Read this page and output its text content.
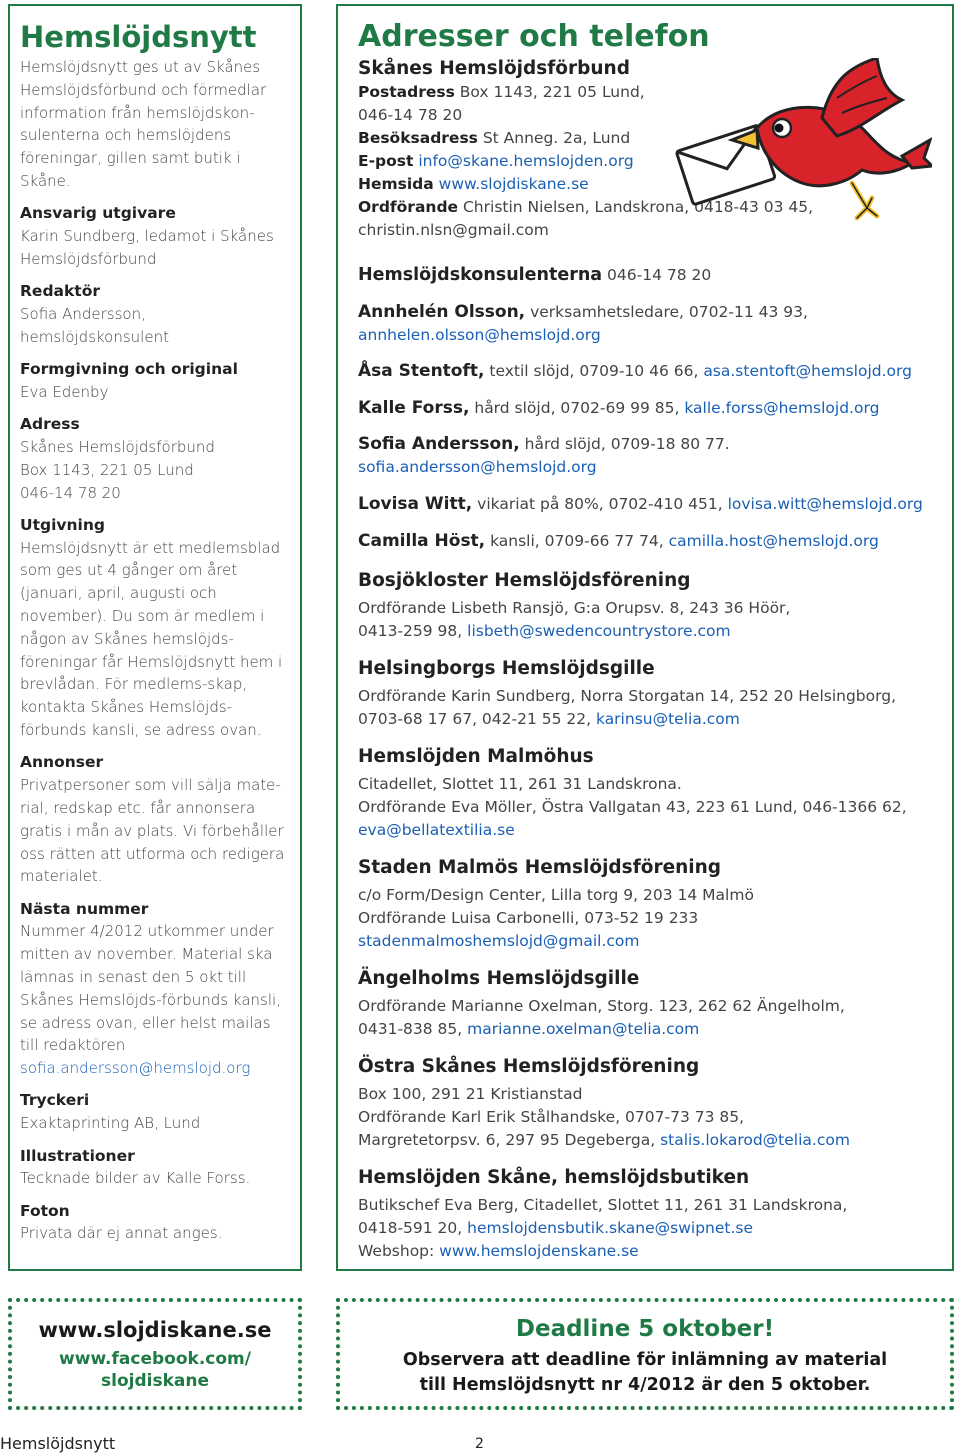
Hemslöjdsnytt
Hemslöjdsnytt ges ut av Skånes Hemslöjdsförbund och förmedlar information från hemslöjdskon-sulenterna och hemslöjdens föreningar, gillen samt butik i Skåne.
Ansvarig utgivare
Karin Sundberg, ledamot i Skånes Hemslöjdsförbund
Redaktör
Sofia Andersson, hemslöjdskonsulent
Formgivning och original
Eva Edenby
Adress
Skånes Hemslöjdsförbund
Box 1143, 221 05 Lund
046-14 78 20
Utgivning
Hemslöjdsnytt är ett medlemsblad som ges ut 4 gånger om året (januari, april, augusti och november). Du som är medlem i någon av Skånes hemslöjds-föreningar får Hemslöjdsnytt hem i brevlådan. För medlems-skap, kontakta Skånes Hemslöjds-förbunds kansli, se adress ovan.
Annonser
Privatpersoner som vill sälja mate-rial, redskap etc. får annonsera gratis i mån av plats. Vi förbehåller oss rätten att utforma och redigera materialet.
Nästa nummer
Nummer 4/2012 utkommer under mitten av november. Material ska lämnas in senast den 5 okt till Skånes Hemslöjds-förbunds kansli, se adress ovan, eller helst mailas till redaktören
sofia.andersson@hemslojd.org
Tryckeri
Exaktaprinting AB, Lund
Illustrationer
Tecknade bilder av Kalle Forss.
Foton
Privata där ej annat anges.
Adresser och telefon
Skånes Hemslöjdsförbund
Postadress Box 1143, 221 05 Lund,
046-14 78 20
Besöksadress St Anneg. 2a, Lund
E-post info@skane.hemslojden.org
Hemsida www.slojdiskane.se
Ordförande Christin Nielsen, Landskrona, 0418-43 03 45,
christin.nlsn@gmail.com
Hemslöjdskonsulenterna 046-14 78 20
Annhelén Olsson, verksamhetsledare, 0702-11 43 93,
annhelen.olsson@hemslojd.org
Åsa Stentoft, textil slöjd, 0709-10 46 66, asa.stentoft@hemslojd.org
Kalle Forss, hård slöjd, 0702-69 99 85, kalle.forss@hemslojd.org
Sofia Andersson, hård slöjd, 0709-18 80 77. sofia.andersson@hemslojd.org
Lovisa Witt, vikariat på 80%, 0702-410 451, lovisa.witt@hemslojd.org
Camilla Höst, kansli, 0709-66 77 74, camilla.host@hemslojd.org
Bosjökloster Hemslöjdsförening
Ordförande Lisbeth Ransjö, G:a Orupsv. 8, 243 36 Höör,
0413-259 98, lisbeth@swedencountrystore.com
Helsingborgs Hemslöjdsgille
Ordförande Karin Sundberg, Norra Storgatan 14, 252 20 Helsingborg,
0703-68 17 67, 042-21 55 22, karinsu@telia.com
Hemslöjden Malmöhus
Citadellet, Slottet 11, 261 31 Landskrona.
Ordförande Eva Möller, Östra Vallgatan 43, 223 61 Lund, 046-1366 62,
eva@bellatextilia.se
Staden Malmös Hemslöjdsförening
c/o Form/Design Center, Lilla torg 9, 203 14 Malmö
Ordförande Luisa Carbonelli, 073-52 19 233
stadenmalmoshemslojd@gmail.com
Ängelholms Hemslöjdsgille
Ordförande Marianne Oxelman, Storg. 123, 262 62 Ängelholm,
0431-838 85, marianne.oxelman@telia.com
Östra Skånes Hemslöjdsförening
Box 100, 291 21 Kristianstad
Ordförande Karl Erik Stålhandske, 0707-73 73 85,
Margretetorpsv. 6, 297 95 Degeberga, stalis.lokarod@telia.com
Hemslöjden Skåne, hemslöjdsbutiken
Butikschef Eva Berg, Citadellet, Slottet 11, 261 31 Landskrona,
0418-591 20, hemslojdensbutik.skane@swipnet.se
Webshop: www.hemslojdenskane.se
www.slojdiskane.se
www.facebook.com/
slojdiskane
Deadline 5 oktober!
Observera att deadline för inlämning av material
till Hemslöjdsnytt nr 4/2012 är den 5 oktober.
Hemslöjdsnytt	2
